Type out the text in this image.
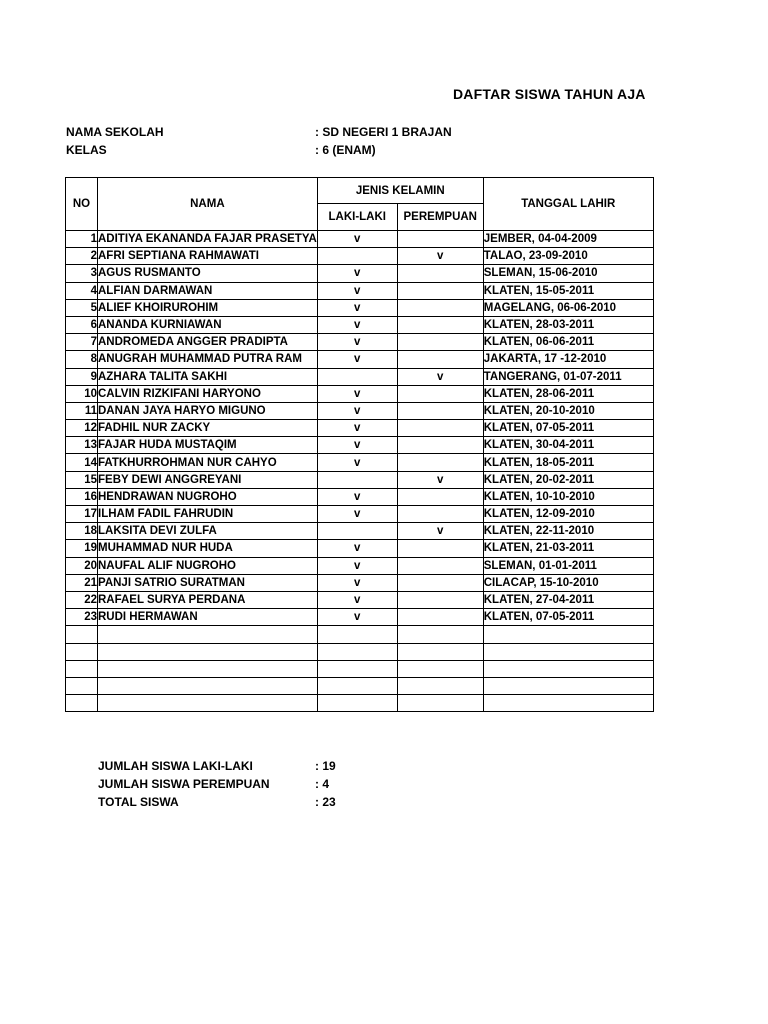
DAFTAR SISWA TAHUN AJA
NAMA SEKOLAH	: SD NEGERI 1 BRAJAN
KELAS	: 6 (ENAM)
NO	NAMA	JENIS KELAMIN		TANGGAL LAHIR
		LAKI-LAKI	PEREMPUAN	
1	ADITIYA EKANANDA FAJAR PRASETYA	v		JEMBER, 04-04-2009
2	AFRI SEPTIANA RAHMAWATI		v	TALAO, 23-09-2010
3	AGUS RUSMANTO	v		SLEMAN, 15-06-2010
4	ALFIAN DARMAWAN	v		KLATEN, 15-05-2011
5	ALIEF KHOIRUROHIM	v		MAGELANG, 06-06-2010
6	ANANDA KURNIAWAN	v		KLATEN, 28-03-2011
7	ANDROMEDA ANGGER PRADIPTA	v		KLATEN, 06-06-2011
8	ANUGRAH MUHAMMAD PUTRA RAM	v		JAKARTA, 17 -12-2010
9	AZHARA TALITA SAKHI		v	TANGERANG, 01-07-2011
10	CALVIN RIZKIFANI HARYONO	v		KLATEN, 28-06-2011
11	DANAN JAYA HARYO MIGUNO	v		KLATEN, 20-10-2010
12	FADHIL NUR ZACKY	v		KLATEN, 07-05-2011
13	FAJAR HUDA MUSTAQIM	v		KLATEN, 30-04-2011
14	FATKHURROHMAN NUR CAHYO	v		KLATEN, 18-05-2011
15	FEBY DEWI ANGGREYANI		v	KLATEN, 20-02-2011
16	HENDRAWAN NUGROHO	v		KLATEN, 10-10-2010
17	ILHAM FADIL FAHRUDIN	v		KLATEN, 12-09-2010
18	LAKSITA DEVI ZULFA		v	KLATEN, 22-11-2010
19	MUHAMMAD NUR HUDA	v		KLATEN, 21-03-2011
20	NAUFAL ALIF NUGROHO	v		SLEMAN, 01-01-2011
21	PANJI SATRIO SURATMAN	v		CILACAP, 15-10-2010
22	RAFAEL SURYA PERDANA	v		KLATEN, 27-04-2011
23	RUDI HERMAWAN	v		KLATEN, 07-05-2011

JUMLAH SISWA LAKI-LAKI	: 19
JUMLAH SISWA PEREMPUAN	: 4
TOTAL SISWA	: 23
